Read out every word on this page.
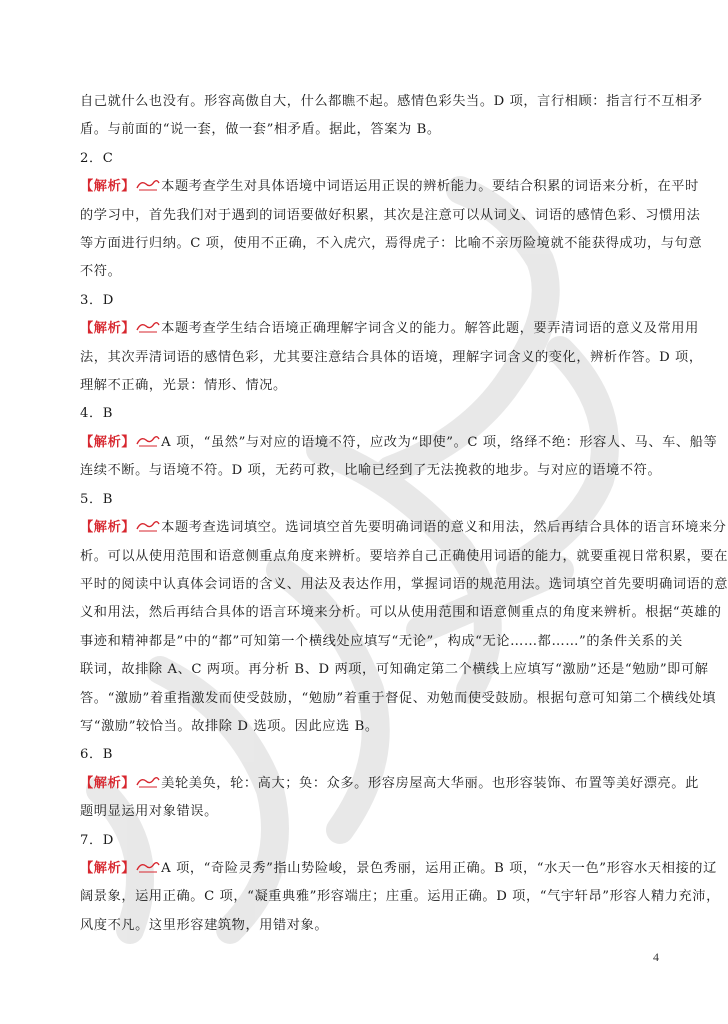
自己就什么也没有。形容高傲自大，什么都瞧不起。感情色彩失当。D 项，言行相顾：指言行不互相矛
盾。与前面的“说一套，做一套”相矛盾。据此，答案为 B。
2．C
【解析】 本题考查学生对具体语境中词语运用正误的辨析能力。要结合积累的词语来分析，在平时
的学习中，首先我们对于遇到的词语要做好积累，其次是注意可以从词义、词语的感情色彩、习惯用法
等方面进行归纳。C 项，使用不正确，不入虎穴，焉得虎子：比喻不亲历险境就不能获得成功，与句意
不符。
3．D
【解析】 本题考查学生结合语境正确理解字词含义的能力。解答此题，要弄清词语的意义及常用用
法，其次弄清词语的感情色彩，尤其要注意结合具体的语境，理解字词含义的变化，辨析作答。D 项，
理解不正确，光景：情形、情况。
4．B
【解析】 A 项，“虽然”与对应的语境不符，应改为“即使”。C 项，络绎不绝：形容人、马、车、船等
连续不断。与语境不符。D 项，无药可救，比喻已经到了无法挽救的地步。与对应的语境不符。
5．B
【解析】 本题考查选词填空。选词填空首先要明确词语的意义和用法，然后再结合具体的语言环境来分
析。可以从使用范围和语意侧重点角度来辨析。要培养自己正确使用词语的能力，就要重视日常积累，要在
平时的阅读中认真体会词语的含义、用法及表达作用，掌握词语的规范用法。选词填空首先要明确词语的意
义和用法，然后再结合具体的语言环境来分析。可以从使用范围和语意侧重点的角度来辨析。根据“英雄的
事迹和精神都是”中的“都”可知第一个横线处应填写“无论”，构成“无论……都……”的条件关系的关
联词，故排除 A、C 两项。再分析 B、D 两项，可知确定第二个横线上应填写“激励”还是“勉励”即可解
答。“激励”着重指激发而使受鼓励，“勉励”着重于督促、劝勉而使受鼓励。根据句意可知第二个横线处填
写“激励”较恰当。故排除 D 选项。因此应选 B。
6．B
【解析】 美轮美奂，轮：高大；奂：众多。形容房屋高大华丽。也形容装饰、布置等美好漂亮。此
题明显运用对象错误。
7．D
【解析】 A 项，“奇险灵秀”指山势险峻，景色秀丽，运用正确。B 项，“水天一色”形容水天相接的辽
阔景象，运用正确。C 项，“凝重典雅”形容端庄；庄重。运用正确。D 项，“气宇轩昂”形容人精力充沛，
风度不凡。这里形容建筑物，用错对象。
4
